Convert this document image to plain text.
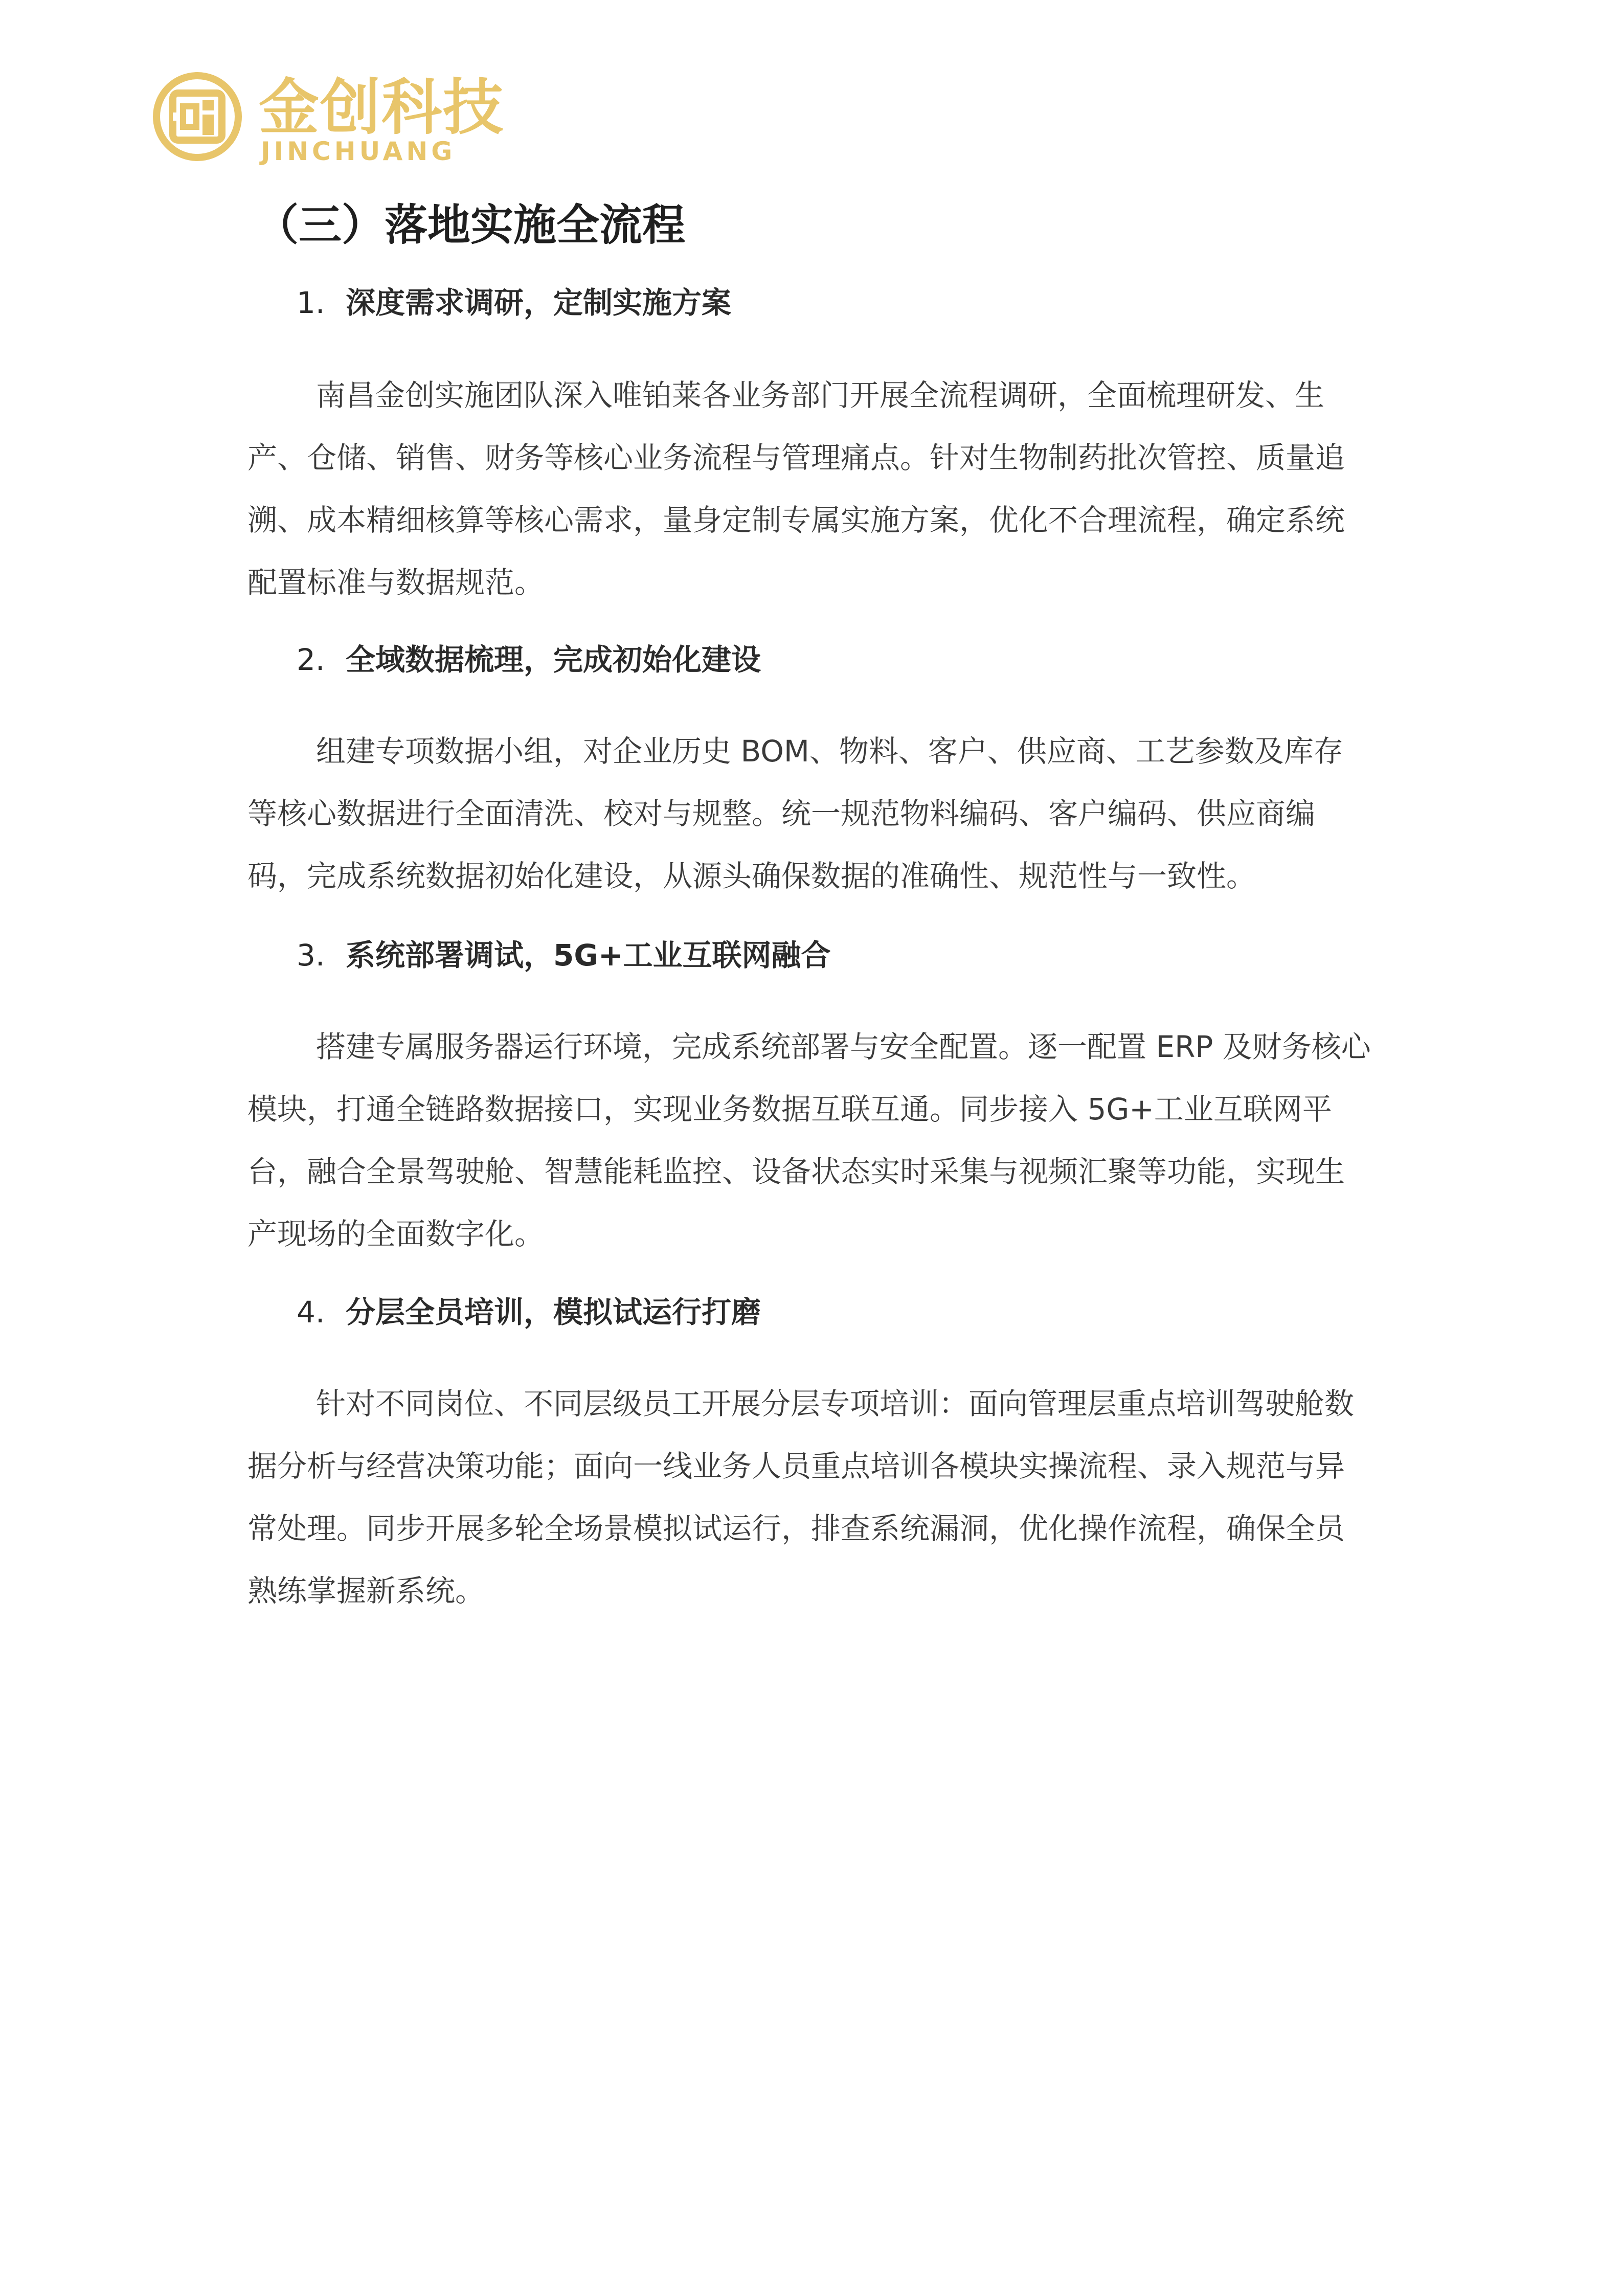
金创科技
JINCHUANG
（三）落地实施全流程
1. 深度需求调研，定制实施方案
南昌金创实施团队深入唯铂莱各业务部门开展全流程调研，全面梳理研发、生
产、仓储、销售、财务等核心业务流程与管理痛点。针对生物制药批次管控、质量追
溯、成本精细核算等核心需求，量身定制专属实施方案，优化不合理流程，确定系统
配置标准与数据规范。
2. 全域数据梳理，完成初始化建设
组建专项数据小组，对企业历史 BOM、物料、客户、供应商、工艺参数及库存
等核心数据进行全面清洗、校对与规整。统一规范物料编码、客户编码、供应商编
码，完成系统数据初始化建设，从源头确保数据的准确性、规范性与一致性。
3. 系统部署调试，5G+工业互联网融合
搭建专属服务器运行环境，完成系统部署与安全配置。逐一配置 ERP 及财务核心
模块，打通全链路数据接口，实现业务数据互联互通。同步接入 5G+工业互联网平
台，融合全景驾驶舱、智慧能耗监控、设备状态实时采集与视频汇聚等功能，实现生
产现场的全面数字化。
4. 分层全员培训，模拟试运行打磨
针对不同岗位、不同层级员工开展分层专项培训：面向管理层重点培训驾驶舱数
据分析与经营决策功能；面向一线业务人员重点培训各模块实操流程、录入规范与异
常处理。同步开展多轮全场景模拟试运行，排查系统漏洞，优化操作流程，确保全员
熟练掌握新系统。
